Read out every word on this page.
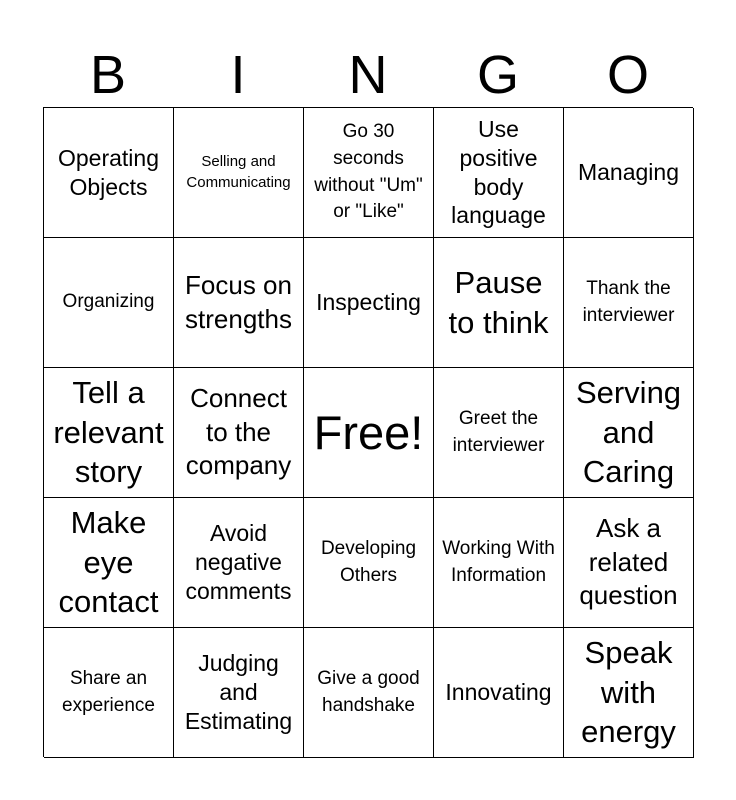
B	I	N	G	O
Operating Objects
Selling and Communicating
Go 30 seconds without "Um" or "Like"
Use positive body language
Managing
Organizing
Focus on strengths
Inspecting
Pause to think
Thank the interviewer
Tell a relevant story
Connect to the company
Free!	Greet the interviewer
Serving and Caring
Make eye contact
Avoid negative comments
Developing Others
Working With Information
Ask a related question
Share an experience
Judging and Estimating
Give a good handshake	Innovating
Speak with energy
